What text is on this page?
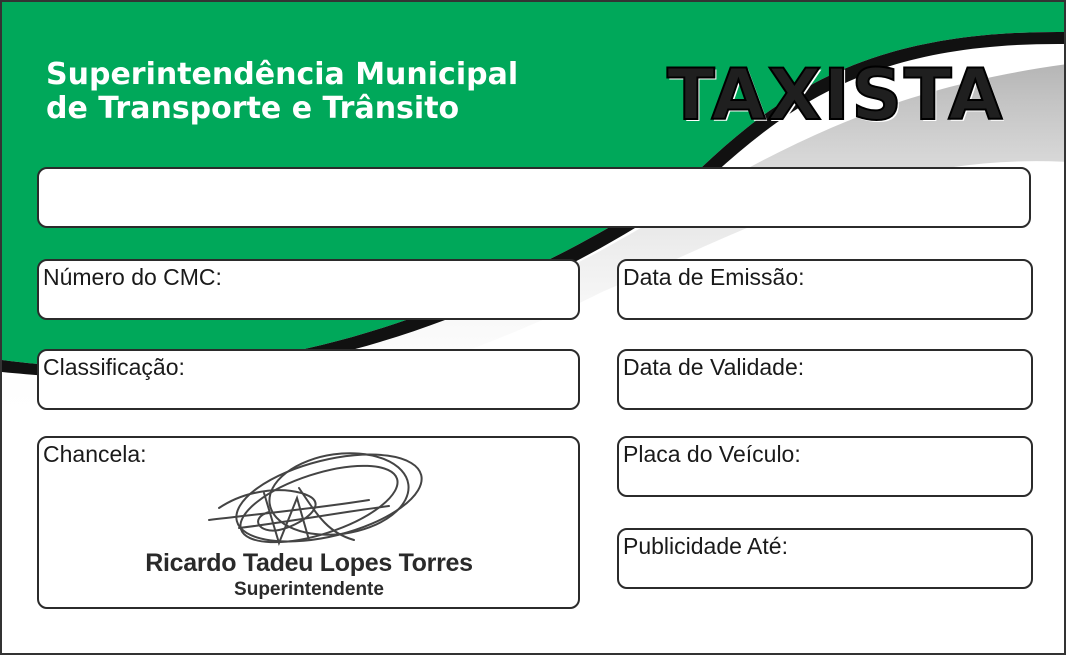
Superintendência Municipal
de Transporte e Trânsito	TAXISTA
Número do CMC:
Classificação:
Chancela:
Ricardo Tadeu Lopes Torres
Superintendente
Data de Emissão:
Data de Validade:
Placa do Veículo:
Publicidade Até:
